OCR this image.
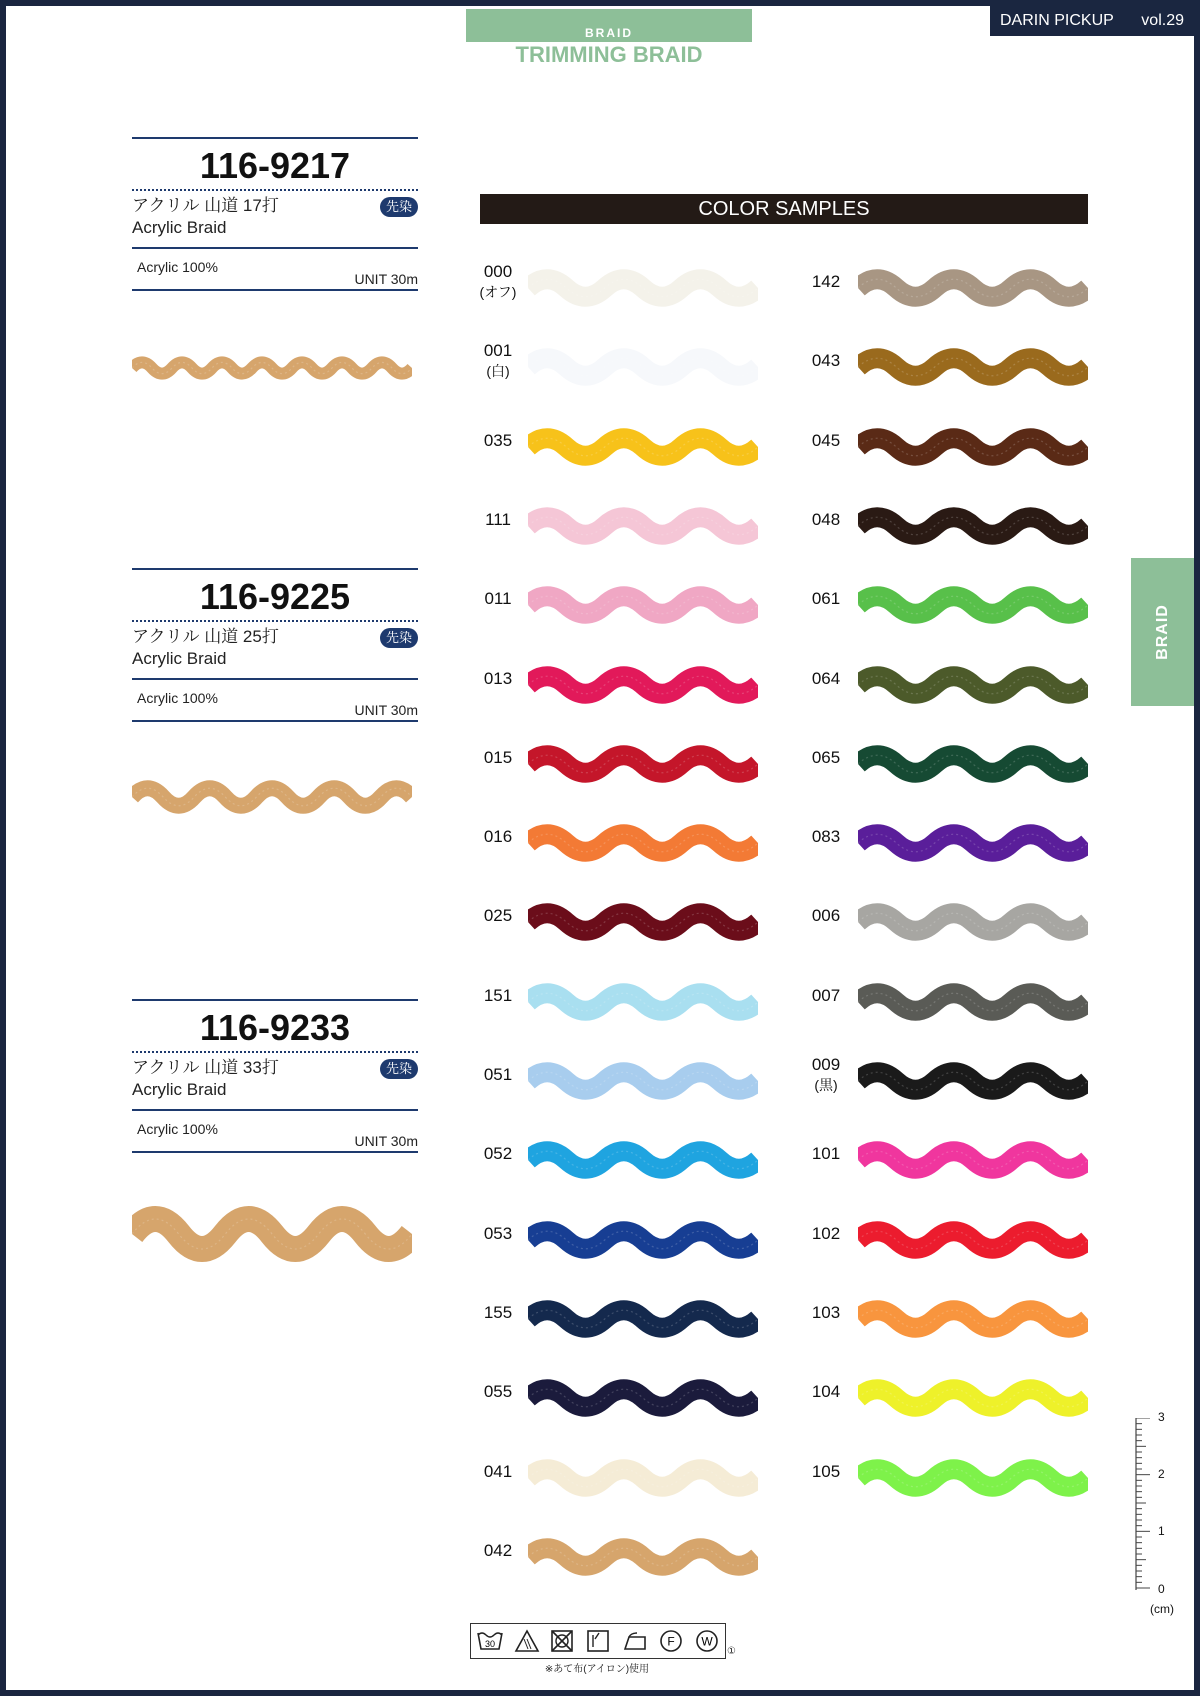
BRAID
TRIMMING BRAID
DARIN PICKUP vol.29
BRAID
116-9217
アクリル 山道 17打
Acrylic Braid
先染
Acrylic 100%
UNIT 30m
116-9225
アクリル 山道 25打
Acrylic Braid
先染
Acrylic 100%
UNIT 30m
116-9233
アクリル 山道 33打
Acrylic Braid
先染
Acrylic 100%
UNIT 30m
COLOR SAMPLES
000
(オフ)
001
(白)
035
111
011
013
015
016
025
151
051
052
053
155
055
041
042
142
043
045
048
061
064
065
083
006
007
009
(黒)
101
102
103
104
105
3
2
1
0
(cm)
30	F W
※あて布(アイロン)使用
①
